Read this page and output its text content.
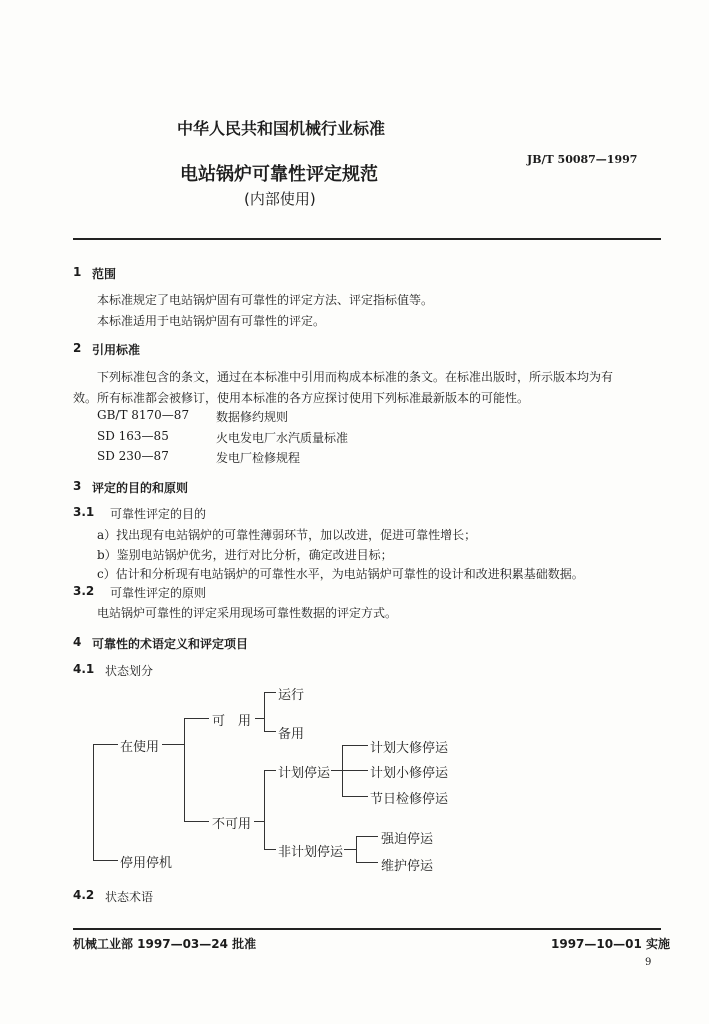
中华人民共和国机械行业标准
JB/T 50087—1997
电站锅炉可靠性评定规范
(内部使用)
1 范围
本标准规定了电站锅炉固有可靠性的评定方法、评定指标值等。
本标准适用于电站锅炉固有可靠性的评定。
2 引用标准
下列标准包含的条文，通过在本标准中引用而构成本标准的条文。在标准出版时，所示版本均为有
效。所有标准都会被修订，使用本标准的各方应探讨使用下列标准最新版本的可能性。
GB/T 8170—87 数据修约规则
SD 163—85	火电发电厂水汽质量标准
SD 230—87	发电厂检修规程
3 评定的目的和原则
3.1 可靠性评定的目的
a）找出现有电站锅炉的可靠性薄弱环节，加以改进，促进可靠性增长；
b）鉴别电站锅炉优劣，进行对比分析，确定改进目标；
c）估计和分析现有电站锅炉的可靠性水平，为电站锅炉可靠性的设计和改进积累基础数据。
3.2 可靠性评定的原则
电站锅炉可靠性的评定采用现场可靠性数据的评定方式。
4 可靠性的术语定义和评定项目
4.1 状态划分
在使用
停用停机
可　用
不可用
运行
备用
计划停运
非计划停运
计划大修停运
计划小修停运
节日检修停运
强迫停运
维护停运
4.2 状态术语
机械工业部 1997—03—24 批准	1997—10—01 实施
9
